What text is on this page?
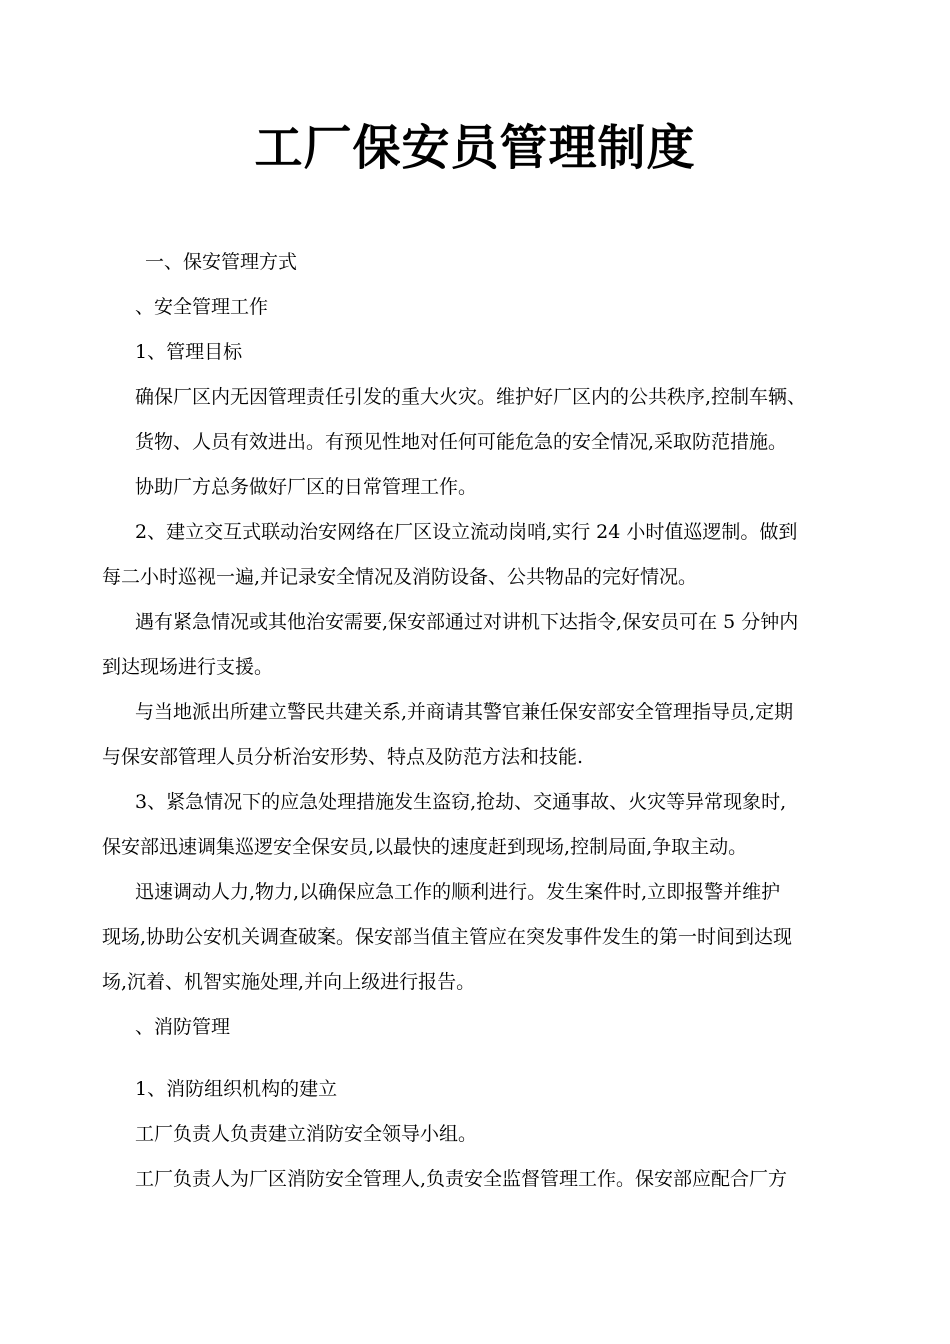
工厂保安员管理制度

一、保安管理方式

、安全管理工作

1、管理目标

确保厂区内无因管理责任引发的重大火灾。维护好厂区内的公共秩序,控制车辆、

货物、人员有效进出。有预见性地对任何可能危急的安全情况,采取防范措施。

协助厂方总务做好厂区的日常管理工作。

2、建立交互式联动治安网络在厂区设立流动岗哨,实行 24 小时值巡逻制。做到

每二小时巡视一遍,并记录安全情况及消防设备、公共物品的完好情况。

遇有紧急情况或其他治安需要,保安部通过对讲机下达指令,保安员可在 5 分钟内

到达现场进行支援。

与当地派出所建立警民共建关系,并商请其警官兼任保安部安全管理指导员,定期

与保安部管理人员分析治安形势、特点及防范方法和技能.

3、紧急情况下的应急处理措施发生盗窃,抢劫、交通事故、火灾等异常现象时,

保安部迅速调集巡逻安全保安员,以最快的速度赶到现场,控制局面,争取主动。

迅速调动人力,物力,以确保应急工作的顺利进行。发生案件时,立即报警并维护

现场,协助公安机关调查破案。保安部当值主管应在突发事件发生的第一时间到达现

场,沉着、机智实施处理,并向上级进行报告。

、消防管理

1、消防组织机构的建立

工厂负责人负责建立消防安全领导小组。

工厂负责人为厂区消防安全管理人,负责安全监督管理工作。保安部应配合厂方
